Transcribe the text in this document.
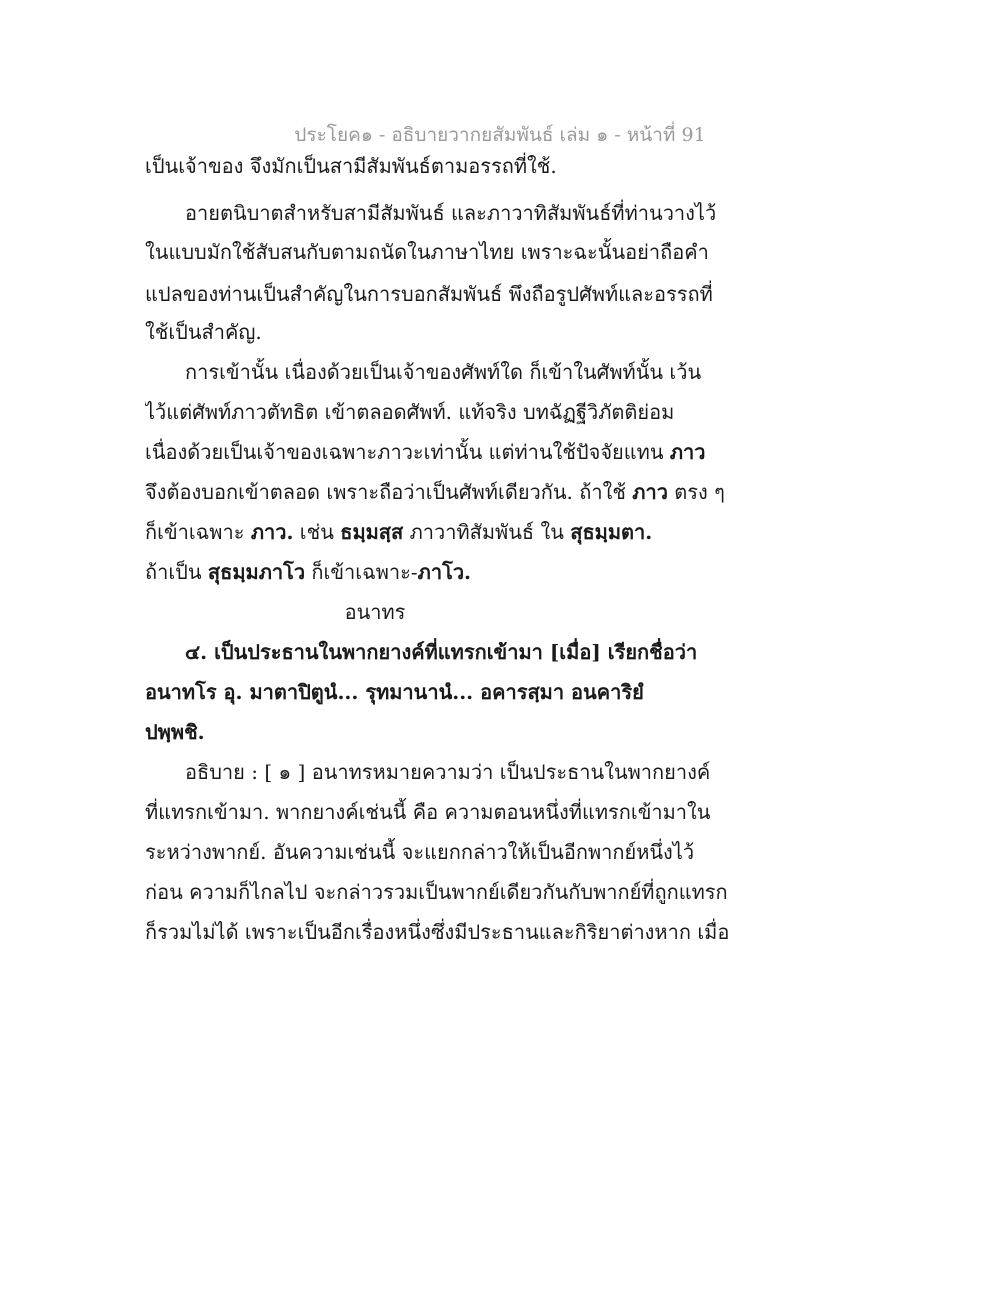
ประโยค๑ - อธิบายวากยสัมพันธ์ เล่ม ๑ - หน้าที่ 91
เป็นเจ้าของ จึงมักเป็นสามีสัมพันธ์ตามอรรถที่ใช้.
อายตนิบาตสำหรับสามีสัมพันธ์ และภาวาทิสัมพันธ์ที่ท่านวางไว้
ในแบบมักใช้สับสนกับตามถนัดในภาษาไทย เพราะฉะนั้นอย่าถือคำ
แปลของท่านเป็นสำคัญในการบอกสัมพันธ์ พึงถือรูปศัพท์และอรรถที่
ใช้เป็นสำคัญ.
การเข้านั้น เนื่องด้วยเป็นเจ้าของศัพท์ใด ก็เข้าในศัพท์นั้น เว้น
ไว้แต่ศัพท์ภาวตัทธิต เข้าตลอดศัพท์. แท้จริง บทฉัฏฐีวิภัตติย่อม
เนื่องด้วยเป็นเจ้าของเฉพาะภาวะเท่านั้น แต่ท่านใช้ปัจจัยแทน ภาว
จึงต้องบอกเข้าตลอด เพราะถือว่าเป็นศัพท์เดียวกัน. ถ้าใช้ ภาว ตรง ๆ
ก็เข้าเฉพาะ ภาว. เช่น ธมฺมสฺส ภาวาทิสัมพันธ์ ใน สุธมฺมตา.
ถ้าเป็น สุธมฺมภาโว ก็เข้าเฉพาะ-ภาโว.
อนาทร
๔. เป็นประธานในพากยางค์ที่แทรกเข้ามา [เมื่อ] เรียกชื่อว่า
อนาทโร อุ. มาตาปิตูนํ... รุทมานานํ... อคารสฺมา อนคาริยํ
ปพฺพชิ.
อธิบาย : [ ๑ ] อนาทรหมายความว่า เป็นประธานในพากยางค์
ที่แทรกเข้ามา. พากยางค์เช่นนี้ คือ ความตอนหนึ่งที่แทรกเข้ามาใน
ระหว่างพากย์. อันความเช่นนี้ จะแยกกล่าวให้เป็นอีกพากย์หนึ่งไว้
ก่อน ความก็ไกลไป จะกล่าวรวมเป็นพากย์เดียวกันกับพากย์ที่ถูกแทรก
ก็รวมไม่ได้ เพราะเป็นอีกเรื่องหนึ่งซึ่งมีประธานและกิริยาต่างหาก เมื่อ
